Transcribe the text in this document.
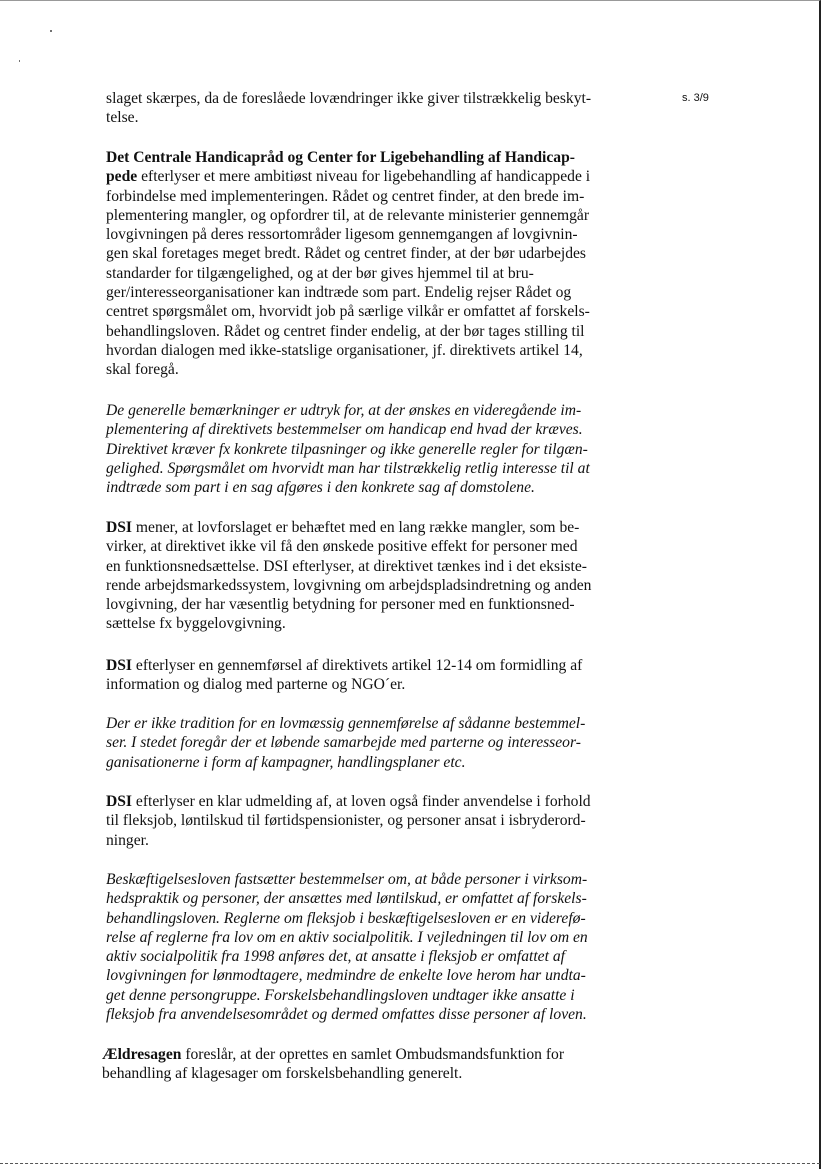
s. 3/9
slaget skærpes, da de foreslåede lovændringer ikke giver tilstrækkelig beskyt-
telse.
Det Centrale Handicapråd og Center for Ligebehandling af Handicap-
pede efterlyser et mere ambitiøst niveau for ligebehandling af handicappede i
forbindelse med implementeringen. Rådet og centret finder, at den brede im-
plementering mangler, og opfordrer til, at de relevante ministerier gennemgår
lovgivningen på deres ressortområder ligesom gennemgangen af lovgivnin-
gen skal foretages meget bredt. Rådet og centret finder, at der bør udarbejdes
standarder for tilgængelighed, og at der bør gives hjemmel til at bru-
ger/interesseorganisationer kan indtræde som part. Endelig rejser Rådet og
centret spørgsmålet om, hvorvidt job på særlige vilkår er omfattet af forskels-
behandlingsloven. Rådet og centret finder endelig, at der bør tages stilling til
hvordan dialogen med ikke-statslige organisationer, jf. direktivets artikel 14,
skal foregå.
De generelle bemærkninger er udtryk for, at der ønskes en videregående im-
plementering af direktivets bestemmelser om handicap end hvad der kræves.
Direktivet kræver fx konkrete tilpasninger og ikke generelle regler for tilgæn-
gelighed. Spørgsmålet om hvorvidt man har tilstrækkelig retlig interesse til at
indtræde som part i en sag afgøres i den konkrete sag af domstolene.
DSI mener, at lovforslaget er behæftet med en lang række mangler, som be-
virker, at direktivet ikke vil få den ønskede positive effekt for personer med
en funktionsnedsættelse. DSI efterlyser, at direktivet tænkes ind i det eksiste-
rende arbejdsmarkedssystem, lovgivning om arbejdspladsindretning og anden
lovgivning, der har væsentlig betydning for personer med en funktionsned-
sættelse fx byggelovgivning.
DSI efterlyser en gennemførsel af direktivets artikel 12-14 om formidling af
information og dialog med parterne og NGO´er.
Der er ikke tradition for en lovmæssig gennemførelse af sådanne bestemmel-
ser. I stedet foregår der et løbende samarbejde med parterne og interesseor-
ganisationerne i form af kampagner, handlingsplaner etc.
DSI efterlyser en klar udmelding af, at loven også finder anvendelse i forhold
til fleksjob, løntilskud til førtidspensionister, og personer ansat i isbryderord-
ninger.
Beskæftigelsesloven fastsætter bestemmelser om, at både personer i virksom-
hedspraktik og personer, der ansættes med løntilskud, er omfattet af forskels-
behandlingsloven. Reglerne om fleksjob i beskæftigelsesloven er en viderefø-
relse af reglerne fra lov om en aktiv socialpolitik. I vejledningen til lov om en
aktiv socialpolitik fra 1998 anføres det, at ansatte i fleksjob er omfattet af
lovgivningen for lønmodtagere, medmindre de enkelte love herom har undta-
get denne persongruppe. Forskelsbehandlingsloven undtager ikke ansatte i
fleksjob fra anvendelsesområdet og dermed omfattes disse personer af loven.
Ældresagen foreslår, at der oprettes en samlet Ombudsmandsfunktion for
behandling af klagesager om forskelsbehandling generelt.
